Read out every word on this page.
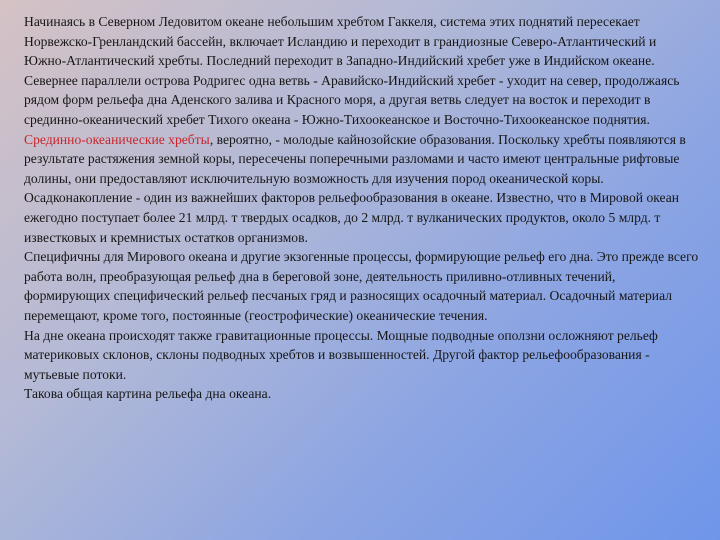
Начинаясь в Северном Ледовитом океане небольшим хребтом Гаккеля, система этих поднятий пересекает Норвежско-Гренландский бассейн, включает Исландию и переходит в грандиозные Северо-Атлантический и Южно-Атлантический хребты. Последний переходит в Западно-Индийский хребет уже в Индийском океане. Севернее параллели острова Родригес одна ветвь - Аравийско-Индийский хребет - уходит на север, продолжаясь рядом форм рельефа дна Аденского залива и Красного моря, а другая ветвь следует на восток и переходит в срединно-океанический хребет Тихого океана - Южно-Тихоокеанское и Восточно-Тихоокеанское поднятия.

Срединно-океанические хребты, вероятно, - молодые кайнозойские образования. Поскольку хребты появляются в результате растяжения земной коры, пересечены поперечными разломами и часто имеют центральные рифтовые долины, они предоставляют исключительную возможность для изучения пород океанической коры.

Осадконакопление - один из важнейших факторов рельефообразования в океане. Известно, что в Мировой океан ежегодно поступает более 21 млрд. т твердых осадков, до 2 млрд. т вулканических продуктов, около 5 млрд. т известковых и кремнистых остатков организмов.

Специфичны для Мирового океана и другие экзогенные процессы, формирующие рельеф его дна. Это прежде всего работа волн, преобразующая рельеф дна в береговой зоне, деятельность приливно-отливных течений, формирующих специфический рельеф песчаных гряд и разносящих осадочный материал. Осадочный материал перемещают, кроме того, постоянные (геострофические) океанические течения.

На дне океана происходят также гравитационные процессы. Мощные подводные оползни осложняют рельеф материковых склонов, склоны подводных хребтов и возвышенностей. Другой фактор рельефообразования - мутьевые потоки.

Такова общая картина рельефа дна океана.
